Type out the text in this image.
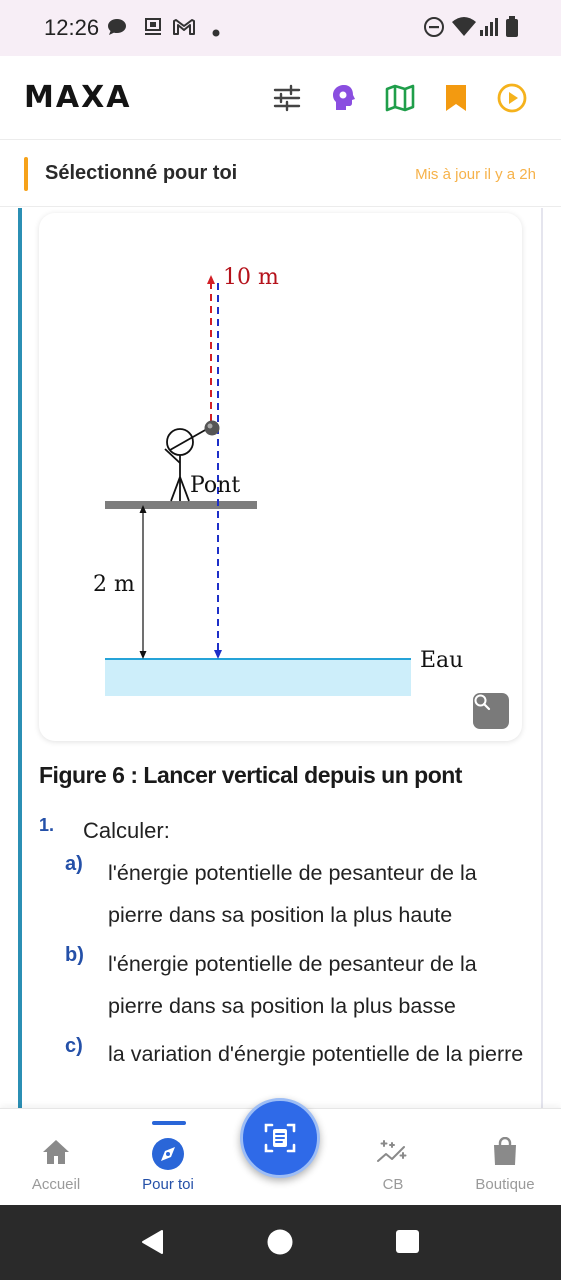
12:26
MAXA
Sélectionné pour toi	Mis à jour il y a 2h
10 m
Pont
2 m
Eau
Figure 6 : Lancer vertical depuis un pont
1. Calculer:
a) l'énergie potentielle de pesanteur de la pierre dans sa position la plus haute
b) l'énergie potentielle de pesanteur de la pierre dans sa position la plus basse
c) la variation d'énergie potentielle de la pierre
Accueil	Pour toi	CB	Boutique
